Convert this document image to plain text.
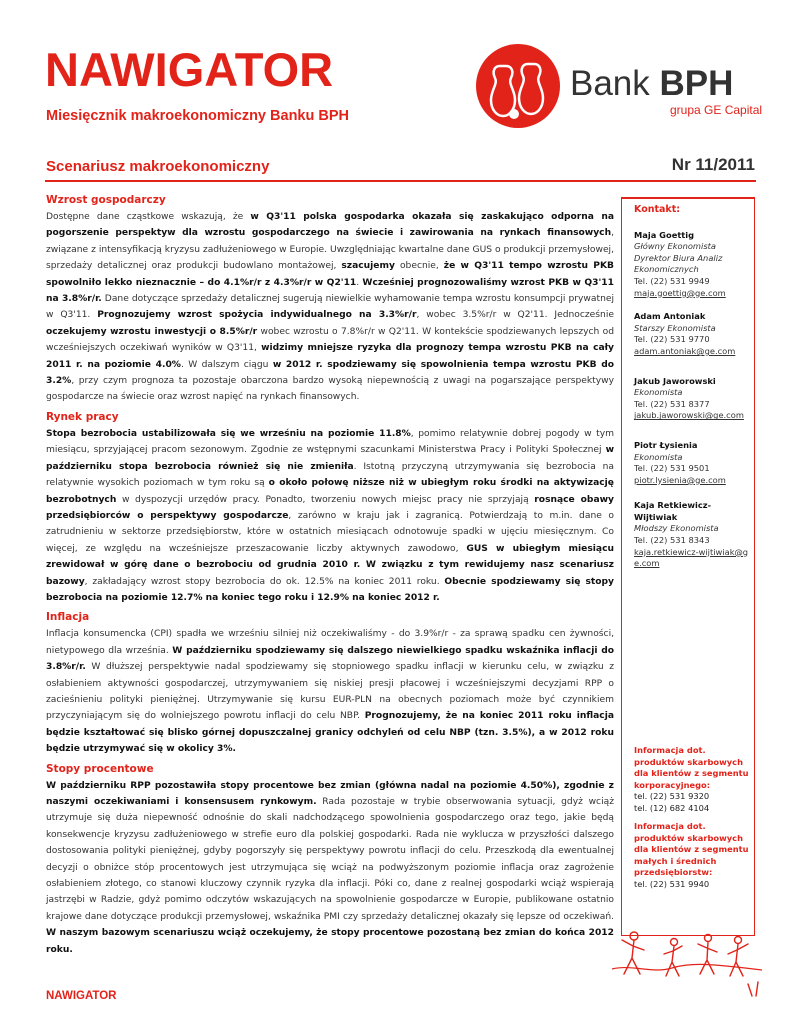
NAWIGATOR
Miesięcznik makroekonomiczny Banku BPH
Bank BPH
grupa GE Capital
Scenariusz makroekonomiczny	Nr 11/2011
Wzrost gospodarczy

Dostępne dane cząstkowe wskazują, że w Q3'11 polska gospodarka okazała się zaskakująco odporna na pogorszenie perspektyw dla wzrostu gospodarczego na świecie i zawirowania na rynkach finansowych, związane z intensyfikacją kryzysu zadłużeniowego w Europie. Uwzględniając kwartalne dane GUS o produkcji przemysłowej, sprzedaży detalicznej oraz produkcji budowlano montażowej, szacujemy obecnie, że w Q3'11 tempo wzrostu PKB spowolniło lekko nieznacznie – do 4.1%r/r z 4.3%r/r w Q2'11. Wcześniej prognozowaliśmy wzrost PKB w Q3'11 na 3.8%r/r. Dane dotyczące sprzedaży detalicznej sugerują niewielkie wyhamowanie tempa wzrostu konsumpcji prywatnej w Q3'11. Prognozujemy wzrost spożycia indywidualnego na 3.3%r/r, wobec 3.5%r/r w Q2'11. Jednocześnie oczekujemy wzrostu inwestycji o 8.5%r/r wobec wzrostu o 7.8%r/r w Q2'11. W kontekście spodziewanych lepszych od wcześniejszych oczekiwań wyników w Q3'11, widzimy mniejsze ryzyka dla prognozy tempa wzrostu PKB na cały 2011 r. na poziomie 4.0%. W dalszym ciągu w 2012 r. spodziewamy się spowolnienia tempa wzrostu PKB do 3.2%, przy czym prognoza ta pozostaje obarczona bardzo wysoką niepewnością z uwagi na pogarszające perspektywy gospodarcze na świecie oraz wzrost napięć na rynkach finansowych.

Rynek pracy

Stopa bezrobocia ustabilizowała się we wrześniu na poziomie 11.8%, pomimo relatywnie dobrej pogody w tym miesiącu, sprzyjającej pracom sezonowym. Zgodnie ze wstępnymi szacunkami Ministerstwa Pracy i Polityki Społecznej w październiku stopa bezrobocia również się nie zmieniła. Istotną przyczyną utrzymywania się bezrobocia na relatywnie wysokich poziomach w tym roku są o około połowę niższe niż w ubiegłym roku środki na aktywizację bezrobotnych w dyspozycji urzędów pracy. Ponadto, tworzeniu nowych miejsc pracy nie sprzyjają rosnące obawy przedsiębiorców o perspektywy gospodarcze, zarówno w kraju jak i zagranicą. Potwierdzają to m.in. dane o zatrudnieniu w sektorze przedsiębiorstw, które w ostatnich miesiącach odnotowuje spadki w ujęciu miesięcznym. Co więcej, ze względu na wcześniejsze przeszacowanie liczby aktywnych zawodowo, GUS w ubiegłym miesiącu zrewidował w górę dane o bezrobociu od grudnia 2010 r. W związku z tym rewidujemy nasz scenariusz bazowy, zakładający wzrost stopy bezrobocia do ok. 12.5% na koniec 2011 roku. Obecnie spodziewamy się stopy bezrobocia na poziomie 12.7% na koniec tego roku i 12.9% na koniec 2012 r.

Inflacja

Inflacja konsumencka (CPI) spadła we wrześniu silniej niż oczekiwaliśmy - do 3.9%r/r - za sprawą spadku cen żywności, nietypowego dla września. W październiku spodziewamy się dalszego niewielkiego spadku wskaźnika inflacji do 3.8%r/r. W dłuższej perspektywie nadal spodziewamy się stopniowego spadku inflacji w kierunku celu, w związku z osłabieniem aktywności gospodarczej, utrzymywaniem się niskiej presji płacowej i wcześniejszymi decyzjami RPP o zacieśnieniu polityki pieniężnej. Utrzymywanie się kursu EUR-PLN na obecnych poziomach może być czynnikiem przyczyniającym się do wolniejszego powrotu inflacji do celu NBP. Prognozujemy, że na koniec 2011 roku inflacja będzie kształtować się blisko górnej dopuszczalnej granicy odchyleń od celu NBP (tzn. 3.5%), a w 2012 roku będzie utrzymywać się w okolicy 3%.

Stopy procentowe

W październiku RPP pozostawiła stopy procentowe bez zmian (główna nadal na poziomie 4.50%), zgodnie z naszymi oczekiwaniami i konsensusem rynkowym. Rada pozostaje w trybie obserwowania sytuacji, gdyż wciąż utrzymuje się duża niepewność odnośnie do skali nadchodzącego spowolnienia gospodarczego oraz tego, jakie będą konsekwencje kryzysu zadłużeniowego w strefie euro dla polskiej gospodarki. Rada nie wyklucza w przyszłości dalszego dostosowania polityki pieniężnej, gdyby pogorszyły się perspektywy powrotu inflacji do celu. Przeszkodą dla ewentualnej decyzji o obniżce stóp procentowych jest utrzymująca się wciąż na podwyższonym poziomie inflacja oraz zagrożenie osłabieniem złotego, co stanowi kluczowy czynnik ryzyka dla inflacji. Póki co, dane z realnej gospodarki wciąż wspierają jastrzębi w Radzie, gdyż pomimo odczytów wskazujących na spowolnienie gospodarcze w Europie, publikowane ostatnio krajowe dane dotyczące produkcji przemysłowej, wskaźnika PMI czy sprzedaży detalicznej okazały się lepsze od oczekiwań. W naszym bazowym scenariuszu wciąż oczekujemy, że stopy procentowe pozostaną bez zmian do końca 2012 roku.

Kontakt:
Maja Goettig
Główny Ekonomista
Dyrektor Biura Analiz Ekonomicznych
Tel. (22) 531 9949
maja.goettig@ge.com
Adam Antoniak
Starszy Ekonomista
Tel. (22) 531 9770
adam.antoniak@ge.com
Jakub Jaworowski
Ekonomista
Tel. (22) 531 8377
jakub.jaworowski@ge.com
Piotr Łysienia
Ekonomista
Tel. (22) 531 9501
piotr.lysienia@ge.com
Kaja Retkiewicz-Wijtiwiak
Młodszy Ekonomista
Tel. (22) 531 8343
kaja.retkiewicz-wijtiwiak@ge.com
Informacja dot. produktów skarbowych dla klientów z segmentu korporacyjnego:
tel. (22) 531 9320
tel. (12) 682 4104
Informacja dot. produktów skarbowych dla klientów z segmentu małych i średnich przedsiębiorstw:
tel. (22) 531 9940
NAWIGATOR
